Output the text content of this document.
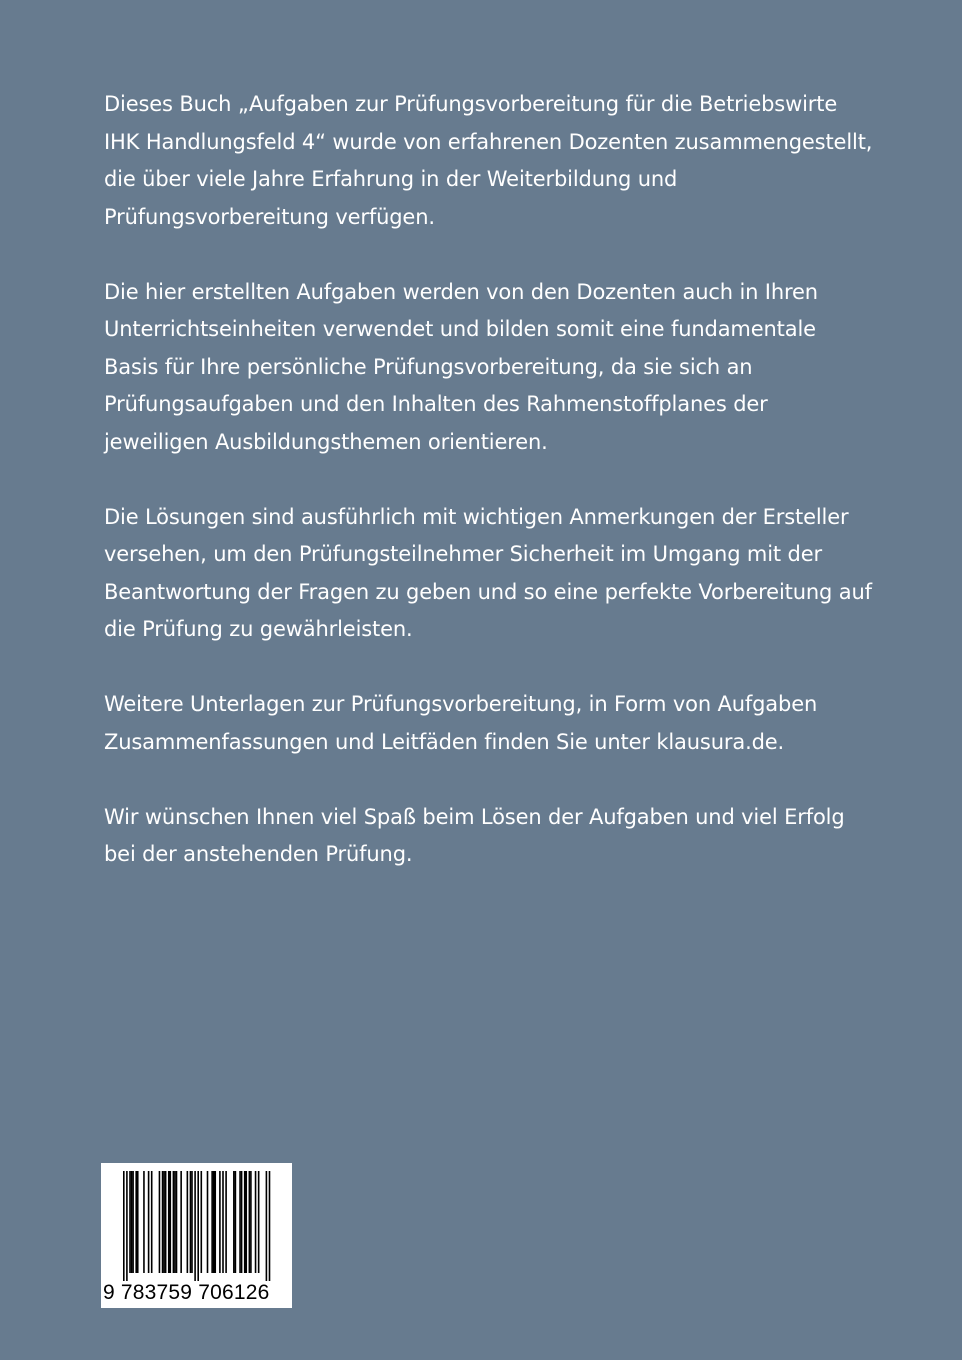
Dieses Buch „Aufgaben zur Prüfungsvorbereitung für die Betriebswirte
IHK Handlungsfeld 4“ wurde von erfahrenen Dozenten zusammengestellt,
die über viele Jahre Erfahrung in der Weiterbildung und
Prüfungsvorbereitung verfügen.

Die hier erstellten Aufgaben werden von den Dozenten auch in Ihren
Unterrichtseinheiten verwendet und bilden somit eine fundamentale
Basis für Ihre persönliche Prüfungsvorbereitung, da sie sich an
Prüfungsaufgaben und den Inhalten des Rahmenstoffplanes der
jeweiligen Ausbildungsthemen orientieren.

Die Lösungen sind ausführlich mit wichtigen Anmerkungen der Ersteller
versehen, um den Prüfungsteilnehmer Sicherheit im Umgang mit der
Beantwortung der Fragen zu geben und so eine perfekte Vorbereitung auf
die Prüfung zu gewährleisten.

Weitere Unterlagen zur Prüfungsvorbereitung, in Form von Aufgaben
Zusammenfassungen und Leitfäden finden Sie unter klausura.de.

Wir wünschen Ihnen viel Spaß beim Lösen der Aufgaben und viel Erfolg
bei der anstehenden Prüfung.

9 783759 706126
